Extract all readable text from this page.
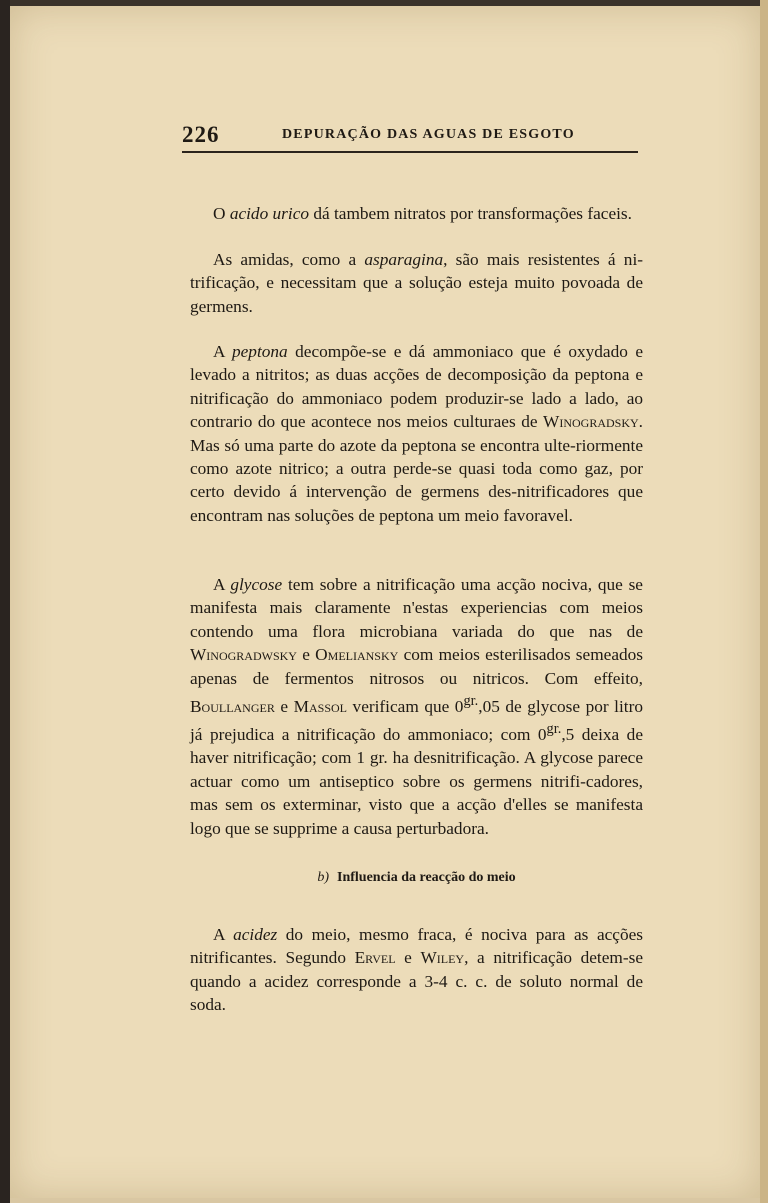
226	DEPURAÇÃO DAS AGUAS DE ESGOTO

O acido urico dá tambem nitratos por transformações faceis.

As amidas, como a asparagina, são mais resistentes á ni-trificação, e necessitam que a solução esteja muito povoada de germens.

A peptona decompõe-se e dá ammoniaco que é oxydado e levado a nitritos; as duas acções de decomposição da peptona e nitrificação do ammoniaco podem produzir-se lado a lado, ao contrario do que acontece nos meios culturaes de Winogradsky. Mas só uma parte do azote da peptona se encontra ulte-riormente como azote nitrico; a outra perde-se quasi toda como gaz, por certo devido á intervenção de germens des-nitrificadores que encontram nas soluções de peptona um meio favoravel.

A glycose tem sobre a nitrificação uma acção nociva, que se manifesta mais claramente n'estas experiencias com meios contendo uma flora microbiana variada do que nas de Winogradwsky e Omeliansky com meios esterilisados semeados apenas de fermentos nitrosos ou nitricos. Com effeito, Boullanger e Massol verificam que $0^{gr.},05$ de glycose por litro já prejudica a nitrificação do ammoniaco; com $0^{gr.},5$ deixa de haver nitrificação; com 1 gr. ha desnitrificação. A glycose parece actuar como um antiseptico sobre os germens nitrifi-cadores, mas sem os exterminar, visto que a acção d'elles se manifesta logo que se supprime a causa perturbadora.

b) Influencia da reacção do meio

A acidez do meio, mesmo fraca, é nociva para as acções nitrificantes. Segundo Ervel e Wiley, a nitrificação detem-se quando a acidez corresponde a 3-4 c. c. de soluto normal de soda.
